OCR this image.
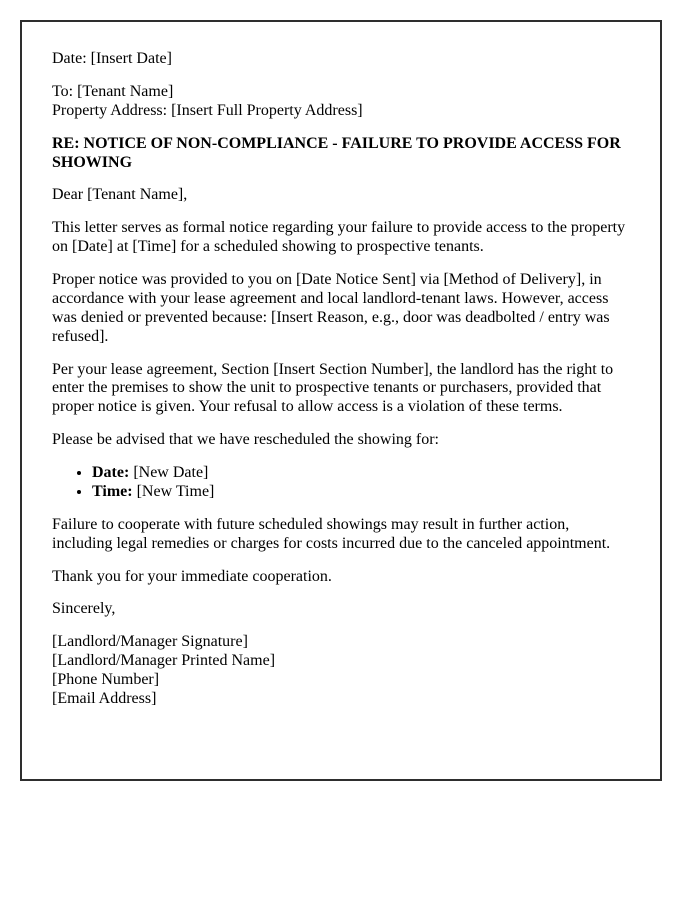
Date: [Insert Date]

To: [Tenant Name]
Property Address: [Insert Full Property Address]

RE: NOTICE OF NON-COMPLIANCE - FAILURE TO PROVIDE ACCESS FOR SHOWING

Dear [Tenant Name],

This letter serves as formal notice regarding your failure to provide access to the property on [Date] at [Time] for a scheduled showing to prospective tenants.

Proper notice was provided to you on [Date Notice Sent] via [Method of Delivery], in accordance with your lease agreement and local landlord-tenant laws. However, access was denied or prevented because: [Insert Reason, e.g., door was deadbolted / entry was refused].

Per your lease agreement, Section [Insert Section Number], the landlord has the right to enter the premises to show the unit to prospective tenants or purchasers, provided that proper notice is given. Your refusal to allow access is a violation of these terms.

Please be advised that we have rescheduled the showing for:

• Date: [New Date]
• Time: [New Time]

Failure to cooperate with future scheduled showings may result in further action, including legal remedies or charges for costs incurred due to the canceled appointment.

Thank you for your immediate cooperation.

Sincerely,

[Landlord/Manager Signature]
[Landlord/Manager Printed Name]
[Phone Number]
[Email Address]
